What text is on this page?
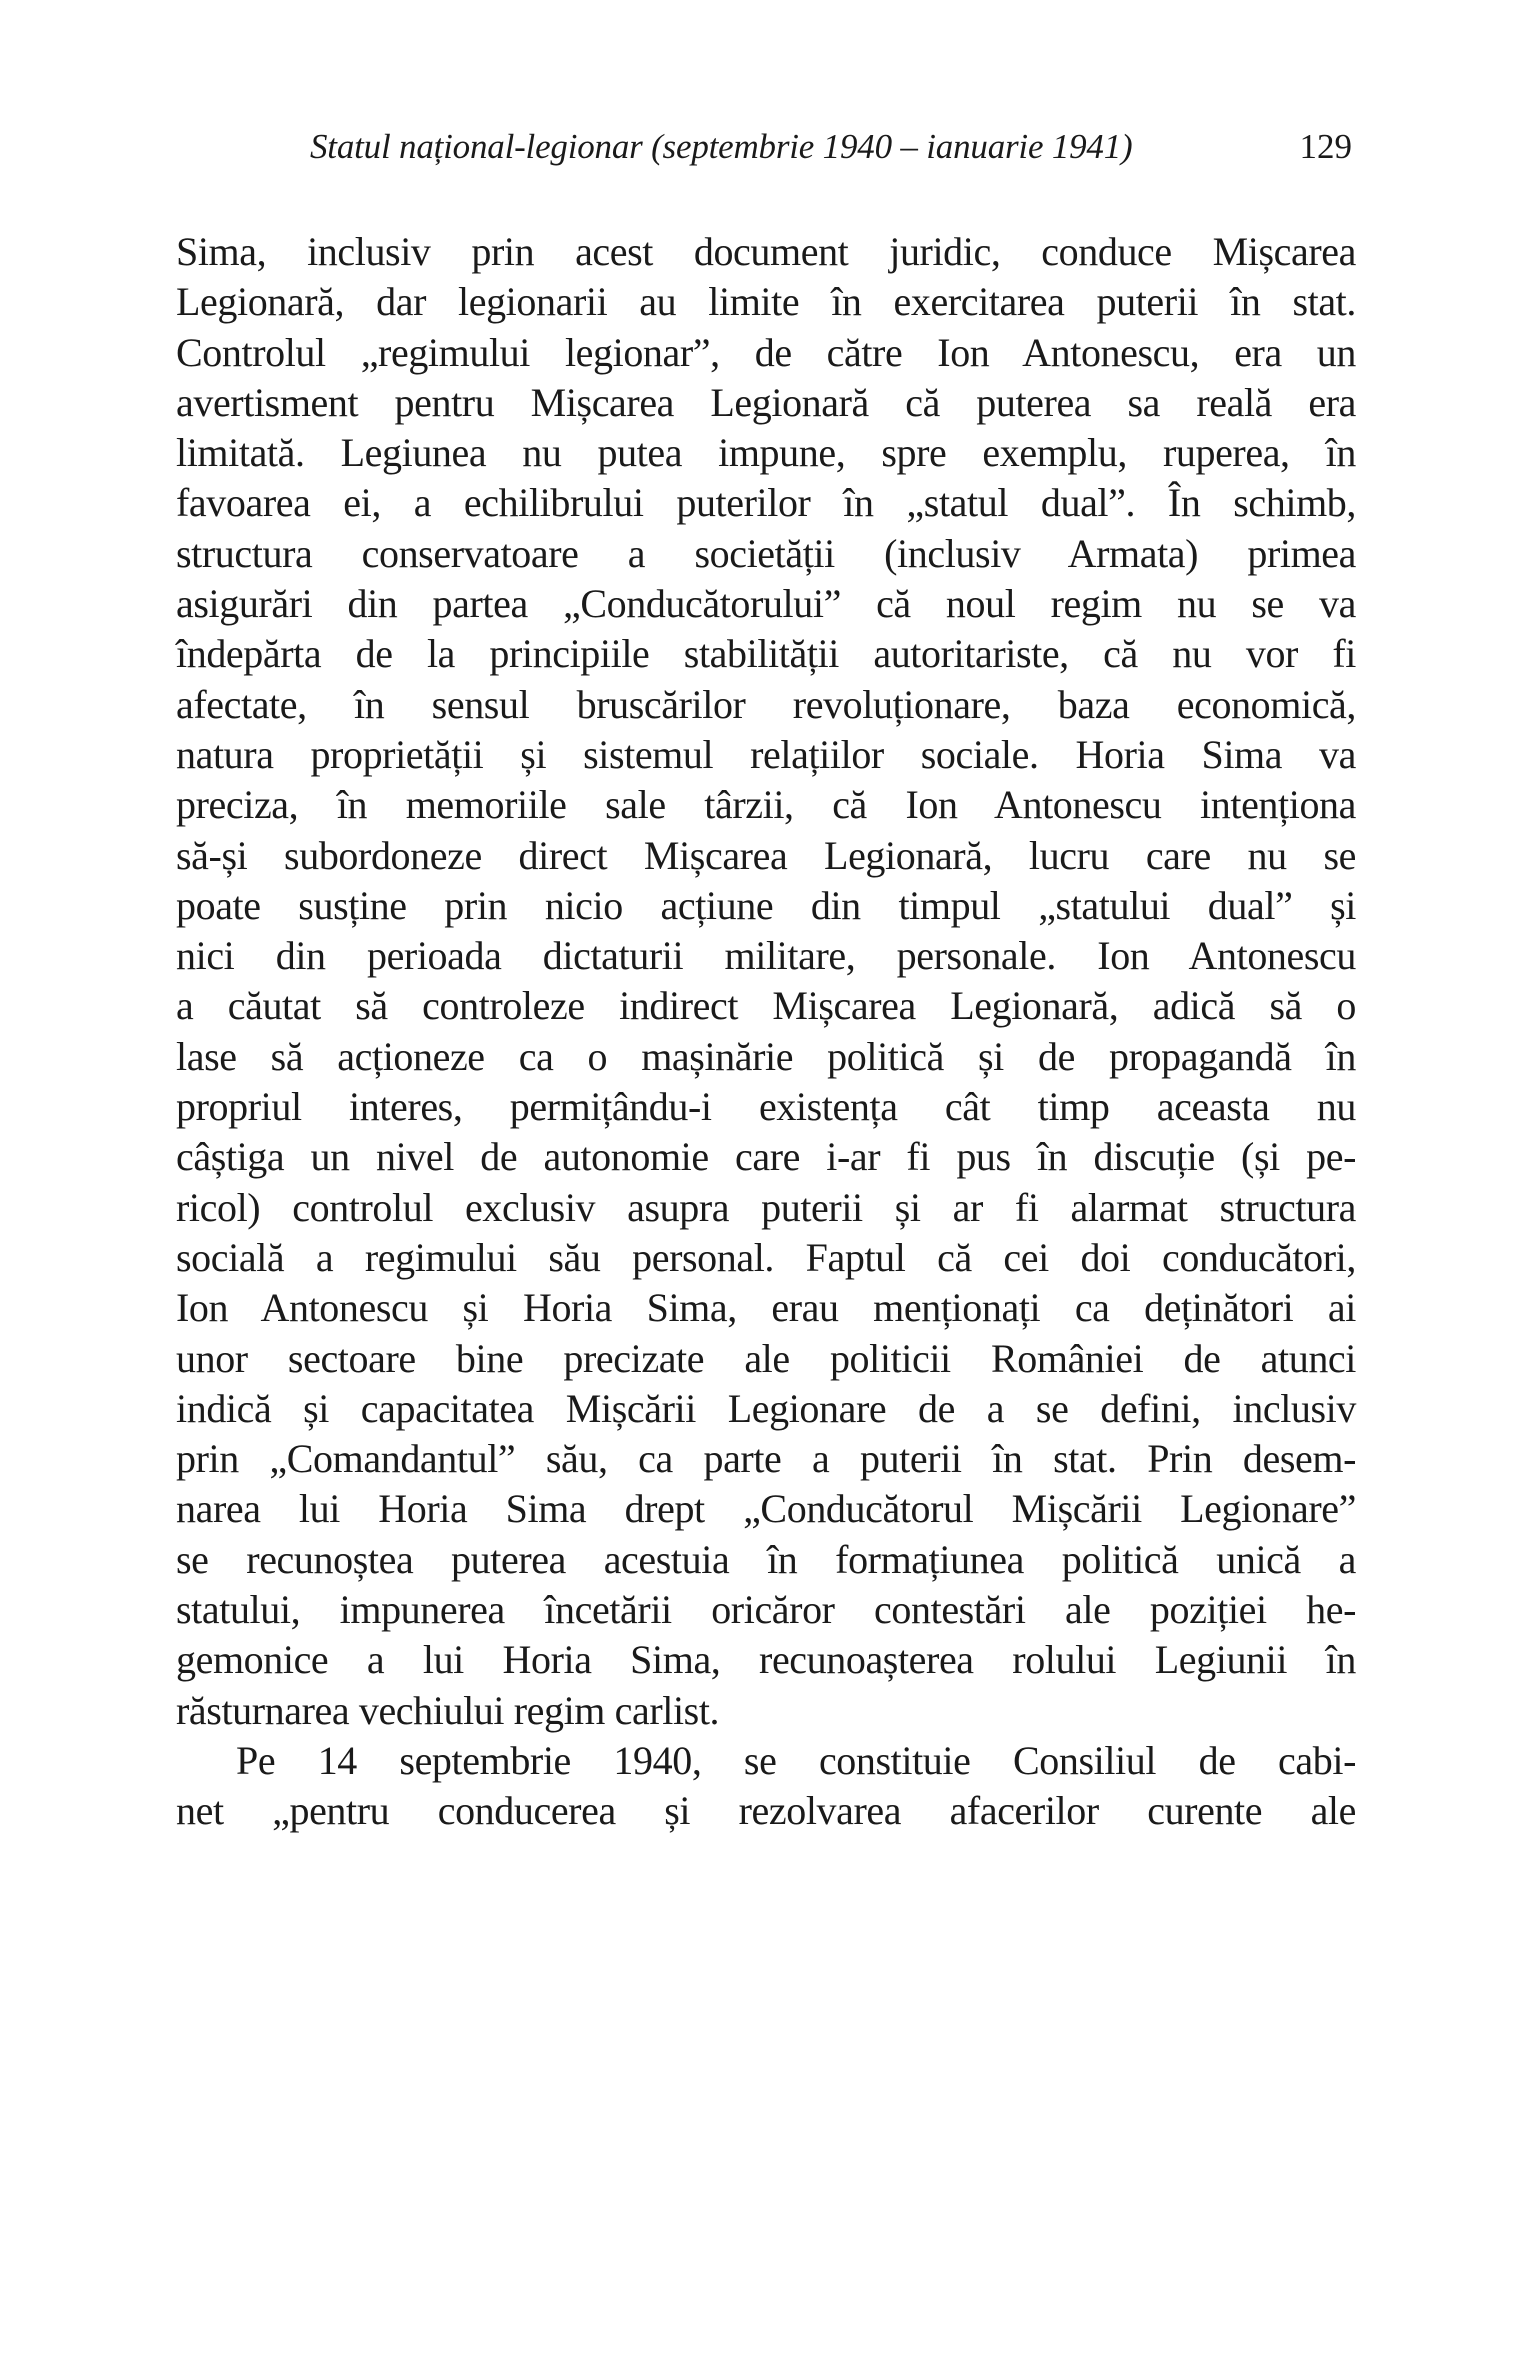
Statul național-legionar (septembrie 1940 – ianuarie 1941)	129
Sima, inclusiv prin acest document juridic, conduce Mișcarea
Legionară, dar legionarii au limite în exercitarea puterii în stat.
Controlul „regimului legionar”, de către Ion Antonescu, era un
avertisment pentru Mișcarea Legionară că puterea sa reală era
limitată. Legiunea nu putea impune, spre exemplu, ruperea, în
favoarea ei, a echilibrului puterilor în „statul dual”. În schimb,
structura conservatoare a societății (inclusiv Armata) primea
asigurări din partea „Conducătorului” că noul regim nu se va
îndepărta de la principiile stabilității autoritariste, că nu vor fi
afectate, în sensul bruscărilor revoluționare, baza economică,
natura proprietății și sistemul relațiilor sociale. Horia Sima va
preciza, în memoriile sale târzii, că Ion Antonescu intenționa
să-și subordoneze direct Mișcarea Legionară, lucru care nu se
poate susține prin nicio acțiune din timpul „statului dual” și
nici din perioada dictaturii militare, personale. Ion Antonescu
a căutat să controleze indirect Mișcarea Legionară, adică să o
lase să acționeze ca o mașinărie politică și de propagandă în
propriul interes, permițându-i existența cât timp aceasta nu
câștiga un nivel de autonomie care i-ar fi pus în discuție (și pe-
ricol) controlul exclusiv asupra puterii și ar fi alarmat structura
socială a regimului său personal. Faptul că cei doi conducători,
Ion Antonescu și Horia Sima, erau menționați ca deținători ai
unor sectoare bine precizate ale politicii României de atunci
indică și capacitatea Mișcării Legionare de a se defini, inclusiv
prin „Comandantul” său, ca parte a puterii în stat. Prin desem-
narea lui Horia Sima drept „Conducătorul Mișcării Legionare”
se recunoștea puterea acestuia în formațiunea politică unică a
statului, impunerea încetării oricăror contestări ale poziției he-
gemonice a lui Horia Sima, recunoașterea rolului Legiunii în
răsturnarea vechiului regim carlist.
Pe 14 septembrie 1940, se constituie Consiliul de cabi-
net „pentru conducerea și rezolvarea afacerilor curente ale
